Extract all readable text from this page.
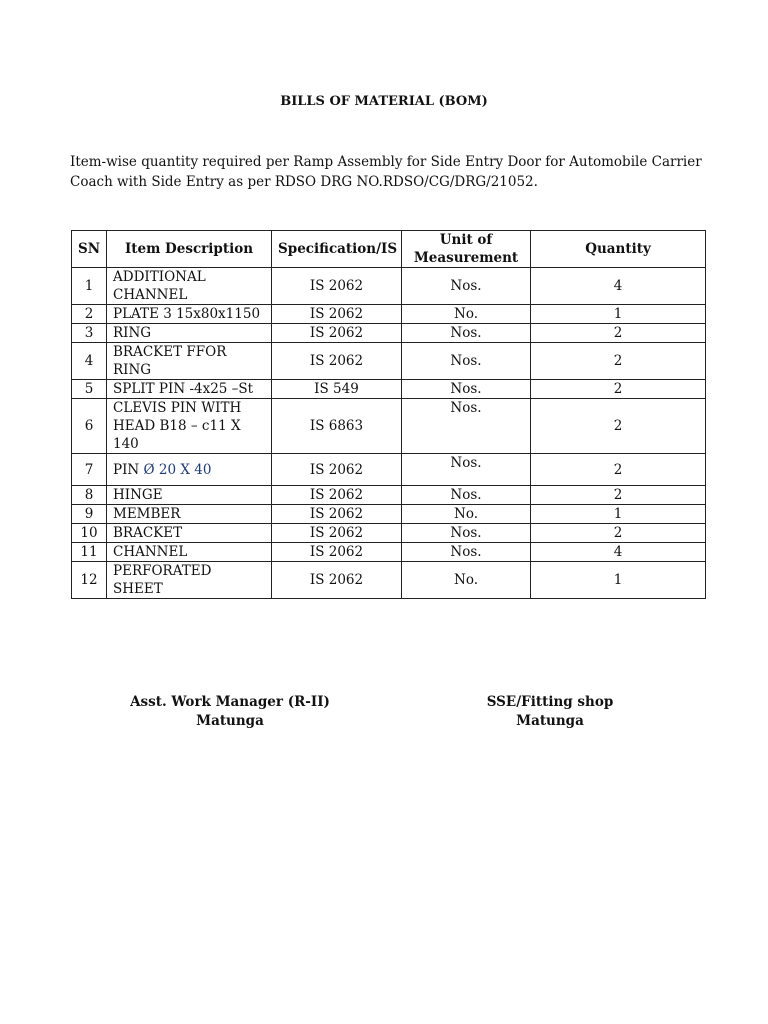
BILLS OF MATERIAL (BOM)
Item-wise quantity required per Ramp Assembly for Side Entry Door for Automobile Carrier Coach with Side Entry as per RDSO DRG NO.RDSO/CG/DRG/21052.
SN	Item Description	Specification/IS	Unit of Measurement	Quantity
1	ADDITIONAL CHANNEL	IS 2062	Nos.	4
2	PLATE 3 15x80x1150	IS 2062	No.	1
3	RING	IS 2062	Nos.	2
4	BRACKET FFOR RING	IS 2062	Nos.	2
5	SPLIT PIN -4x25 –St	IS 549	Nos.	2
6	CLEVIS PIN WITH HEAD B18 – c11 X 140	IS 6863	Nos.	2
7	PIN Ø 20 X 40	IS 2062	Nos.	2
8	HINGE	IS 2062	Nos.	2
9	MEMBER	IS 2062	No.	1
10	BRACKET	IS 2062	Nos.	2
11	CHANNEL	IS 2062	Nos.	4
12	PERFORATED SHEET	IS 2062	No.	1
Asst. Work Manager (R-II)
Matunga
SSE/Fitting shop
Matunga
